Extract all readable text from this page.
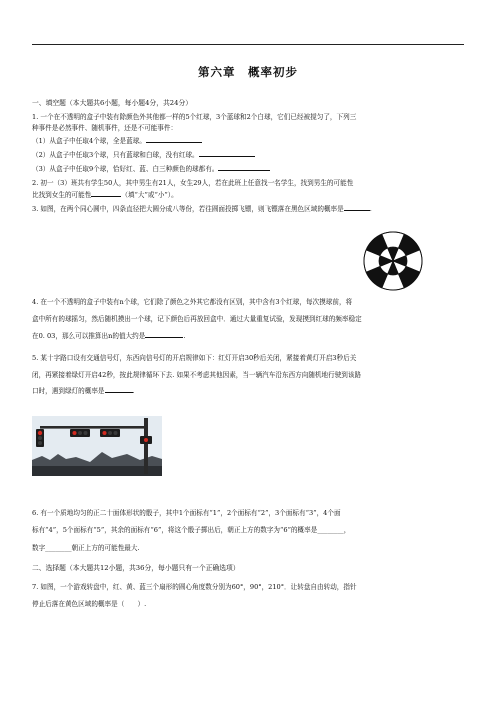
第六章　概率初步
一、填空题（本大题共6小题，每小题4分，共24分）
1. 一个在不透明的盒子中装有除颜色外其他都一样的5个红球，3个蓝球和2个白球，它们已经被搅匀了，下列三
种事件是必然事件、随机事件，还是不可能事件：
（1）从盒子中任取4个球，全是蓝球。
（2）从盒子中任取3个球，只有蓝球和白球，没有红球。
（3）从盒子中任取9个球，恰好红、蓝、白三种颜色的球都有。
2. 初一（3）班共有学生50人，其中男生有21人，女生29人，若在此班上任意找一名学生，找到男生的可能性
比找到女生的可能性	（填“大”或“小”）。
3. 如图，在两个同心圆中，四条直径把大圆分成八等份，若往圆面投掷飞镖，则飞镖落在黑色区域的概率是	.
4. 在一个不透明的盒子中装有n个球，它们除了颜色之外其它都没有区别，其中含有3个红球，每次摸球前，将
盒中所有的球摇匀，然后随机摸出一个球，记下颜色后再放回盒中．通过大量重复试验，发现摸到红球的频率稳定
在0. 03，那么可以推算出n的值大约是	.
5. 某十字路口设有交通信号灯，东西向信号灯的开启规律如下：红灯开启30秒后关闭，紧接着黄灯开启3秒后关
闭，再紧接着绿灯开启42秒，按此规律循环下去. 如果不考虑其他因素，当一辆汽车沿东西方向随机地行驶到该路
口时，遇到绿灯的概率是	.
6. 有一个质地均匀的正二十面体形状的骰子，其中1个面标有“1”，2个面标有“2”，3个面标有“3”，4个面
标有“4”，5个面标有“5”，其余的面标有“6”，将这个骰子掷出后，朝正上方的数字为“6”的概率是________，
数字________朝正上方的可能性最大.
二、选择题（本大题共12小题，共36分，每小题只有一个正确选项）
7. 如图，一个游戏转盘中，红、黄、蓝三个扇形的圆心角度数分别为60°，90°，210°．让转盘自由转动，指针
停止后落在黄色区域的概率是（　　）.
